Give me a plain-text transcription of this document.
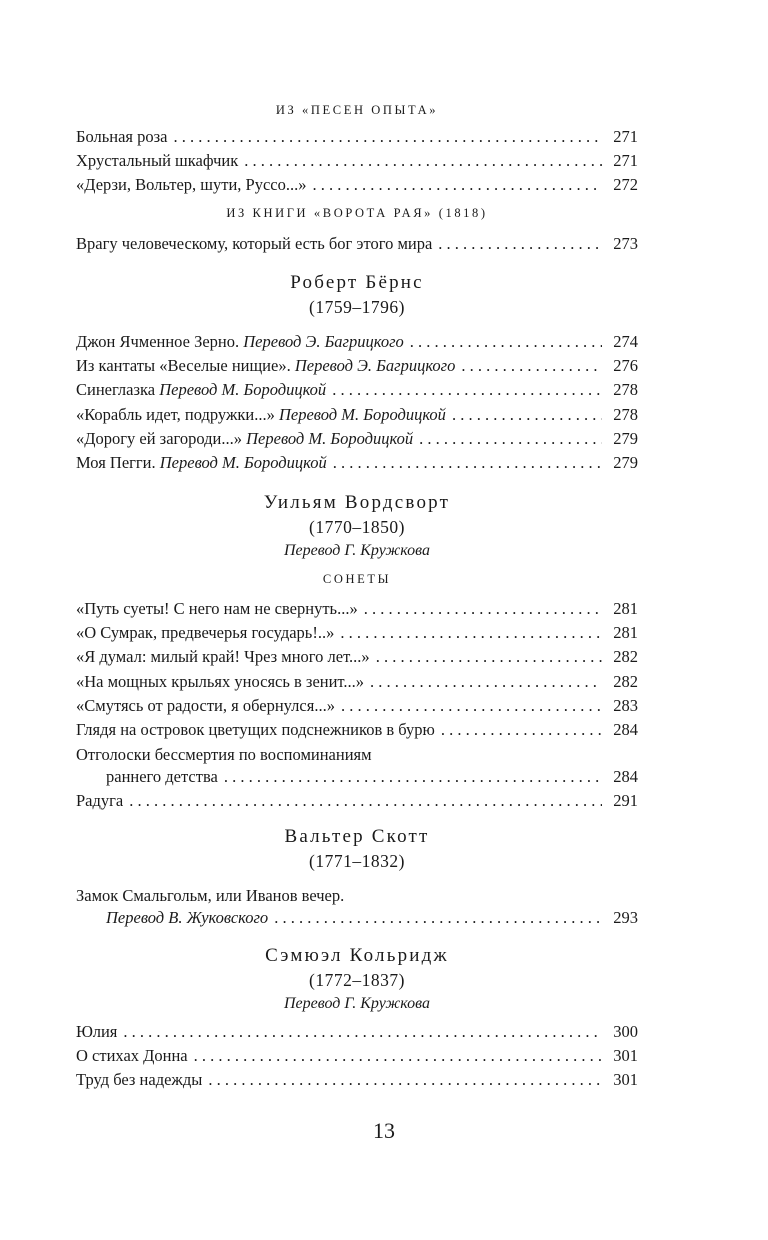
ИЗ «ПЕСЕН ОПЫТА»
Больная роза . . .	271
Хрустальный шкафчик . . .	271
«Дерзи, Вольтер, шути, Руссо...» . . .	272
ИЗ КНИГИ «ВОРОТА РАЯ» (1818)
Врагу человеческому, который есть бог этого мира . . .	273
Роберт Бёрнс
(1759–1796)
Джон Ячменное Зерно. Перевод Э. Багрицкого . . .	274
Из кантаты «Веселые нищие». Перевод Э. Багрицкого . . .	276
Синеглазка Перевод М. Бородицкой . . .	278
«Корабль идет, подружки...» Перевод М. Бородицкой . . .	278
«Дорогу ей загороди...» Перевод М. Бородицкой . . .	279
Моя Пегги. Перевод М. Бородицкой . . .	279
Уильям Вордсворт
(1770–1850)
Перевод Г. Кружкова
СОНЕТЫ
«Путь суеты! С него нам не свернуть...» . . .	281
«О Сумрак, предвечерья государь!..» . . .	281
«Я думал: милый край! Чрез много лет...» . . .	282
«На мощных крыльях уносясь в зенит...» . . .	282
«Смутясь от радости, я обернулся...» . . .	283
Глядя на островок цветущих подснежников в бурю . . .	284
Отголоски бессмертия по воспоминаниям
раннего детства . . .	284
Радуга . . .	291
Вальтер Скотт
(1771–1832)
Замок Смальгольм, или Иванов вечер.
Перевод В. Жуковского . . .	293
Сэмюэл Кольридж
(1772–1837)
Перевод Г. Кружкова
Юлия . . .	300
О стихах Донна . . .	301
Труд без надежды . . .	301
13
